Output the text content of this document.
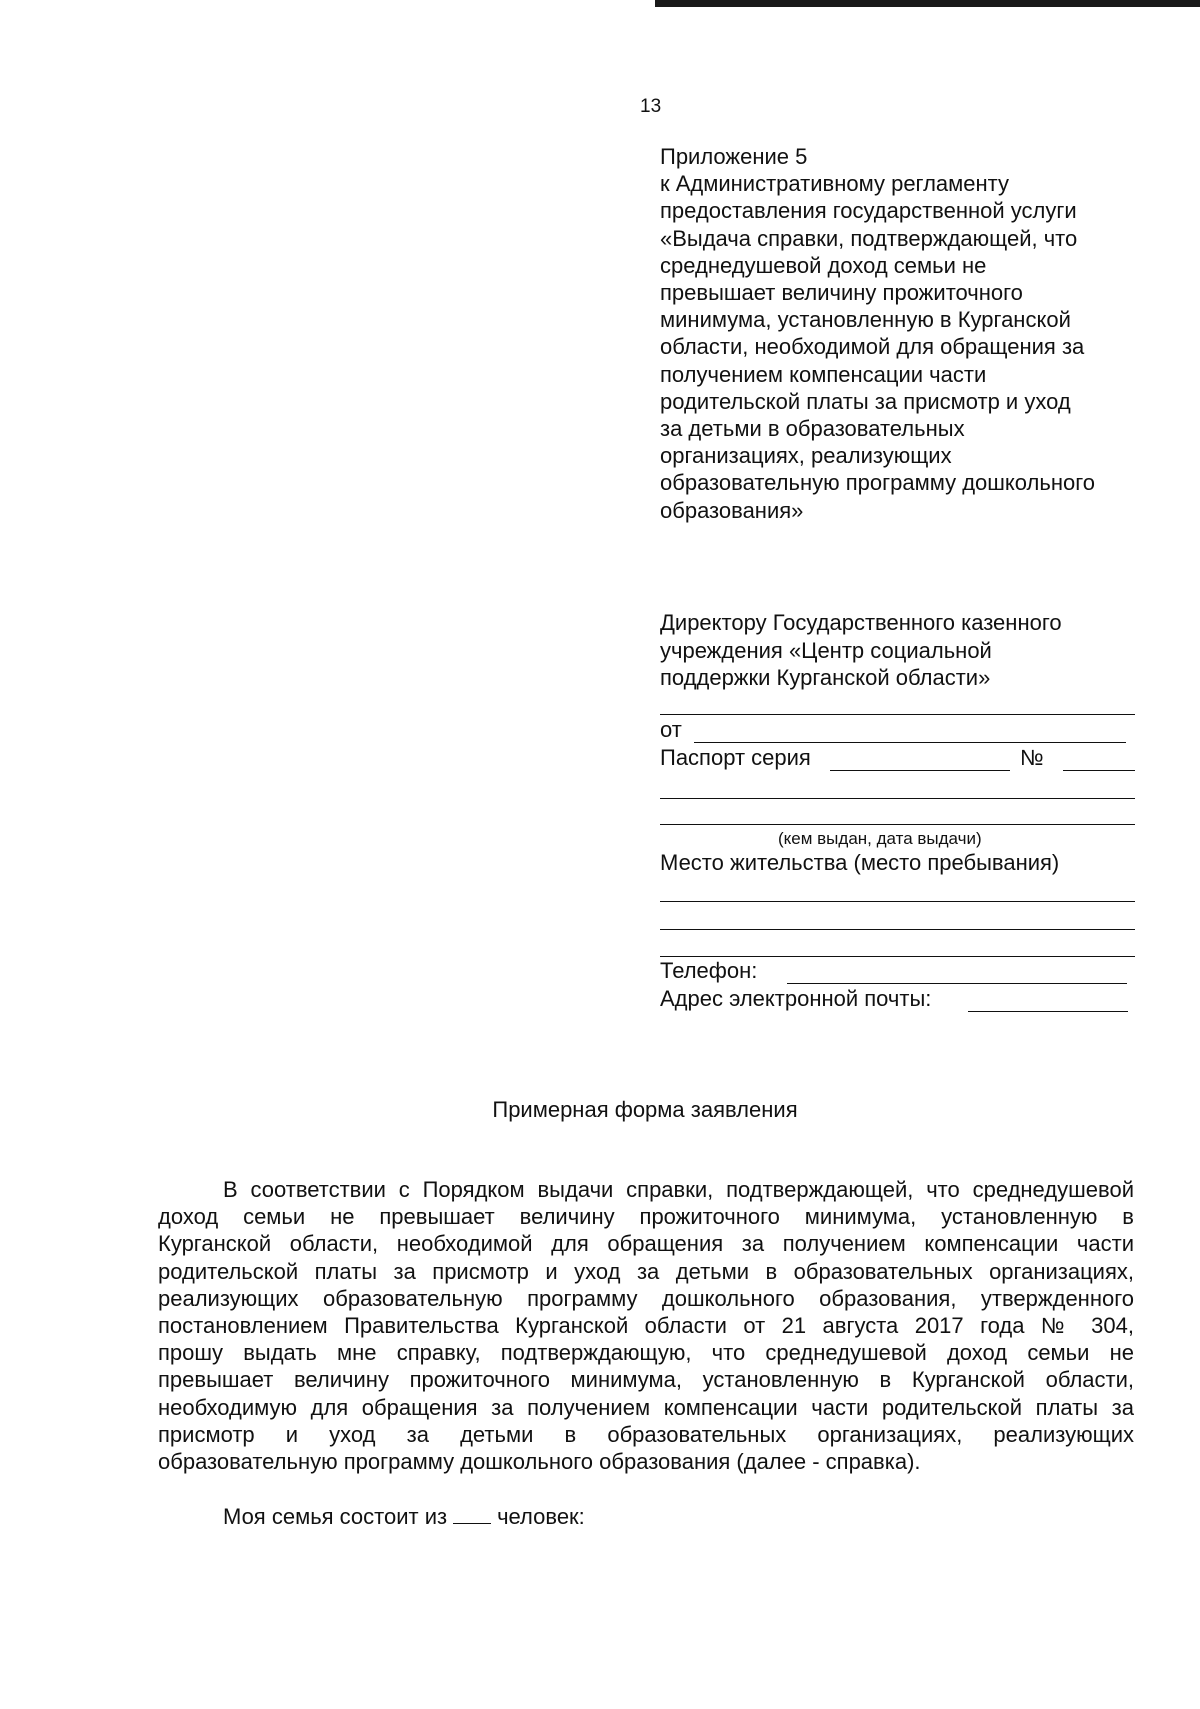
13
Приложение 5
к Административному регламенту
предоставления государственной услуги
«Выдача справки, подтверждающей, что
среднедушевой доход семьи не
превышает величину прожиточного
минимума, установленную в Курганской
области, необходимой для обращения за
получением компенсации части
родительской платы за присмотр и уход
за детьми в образовательных
организациях, реализующих
образовательную программу дошкольного
образования»
Директору Государственного казенного
учреждения «Центр социальной
поддержки Курганской области»
от
Паспорт серия	№
(кем выдан, дата выдачи)
Место жительства (место пребывания)
Телефон:
Адрес электронной почты:
Примерная форма заявления
В соответствии с Порядком выдачи справки, подтверждающей, что среднедушевой
доход семьи не превышает величину прожиточного минимума, установленную в
Курганской области, необходимой для обращения за получением компенсации части
родительской платы за присмотр и уход за детьми в образовательных организациях,
реализующих образовательную программу дошкольного образования, утвержденного
постановлением Правительства Курганской области от 21 августа 2017 года № 304,
прошу выдать мне справку, подтверждающую, что среднедушевой доход семьи не
превышает величину прожиточного минимума, установленную в Курганской области,
необходимую для обращения за получением компенсации части родительской платы за
присмотр и уход за детьми в образовательных организациях, реализующих
образовательную программу дошкольного образования (далее - справка).
Моя семья состоит из человек:
